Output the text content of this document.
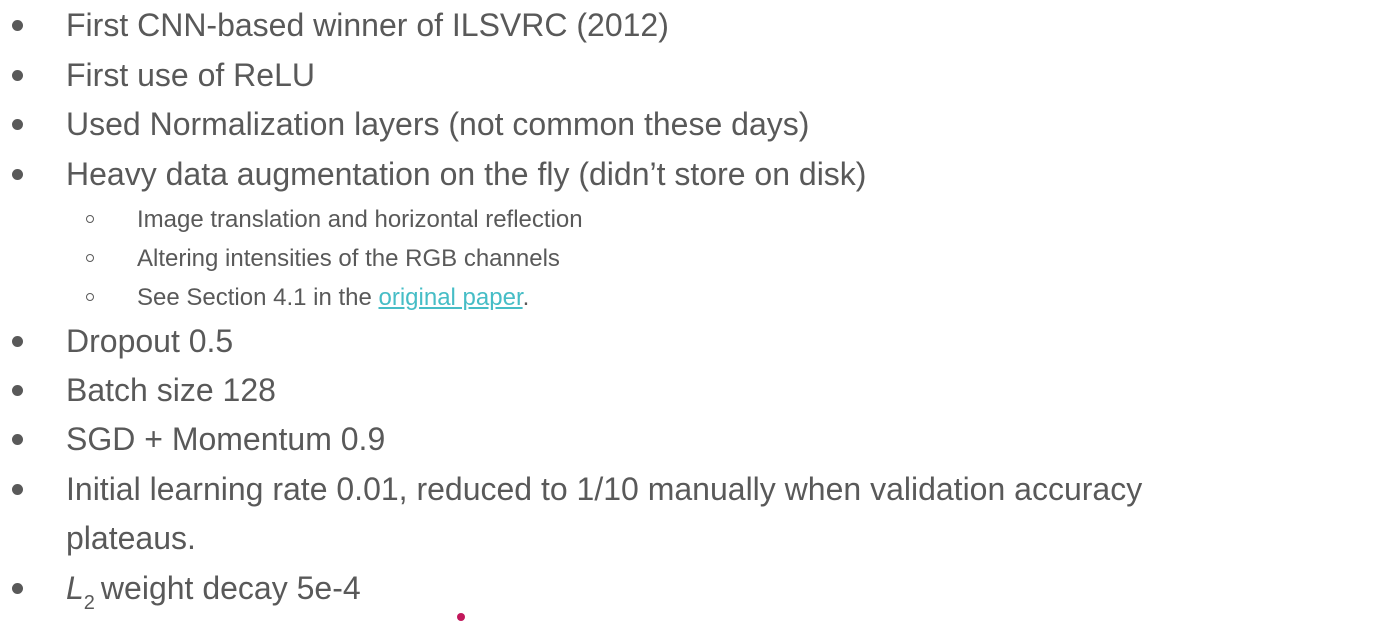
First CNN-based winner of ILSVRC (2012)
First use of ReLU
Used Normalization layers (not common these days)
Heavy data augmentation on the fly (didn’t store on disk)
Image translation and horizontal reflection
Altering intensities of the RGB channels
See Section 4.1 in the original paper.
Dropout 0.5
Batch size 128
SGD + Momentum 0.9
Initial learning rate 0.01, reduced to 1/10 manually when validation accuracy
plateaus.
$L_2$ weight decay 5e-4
